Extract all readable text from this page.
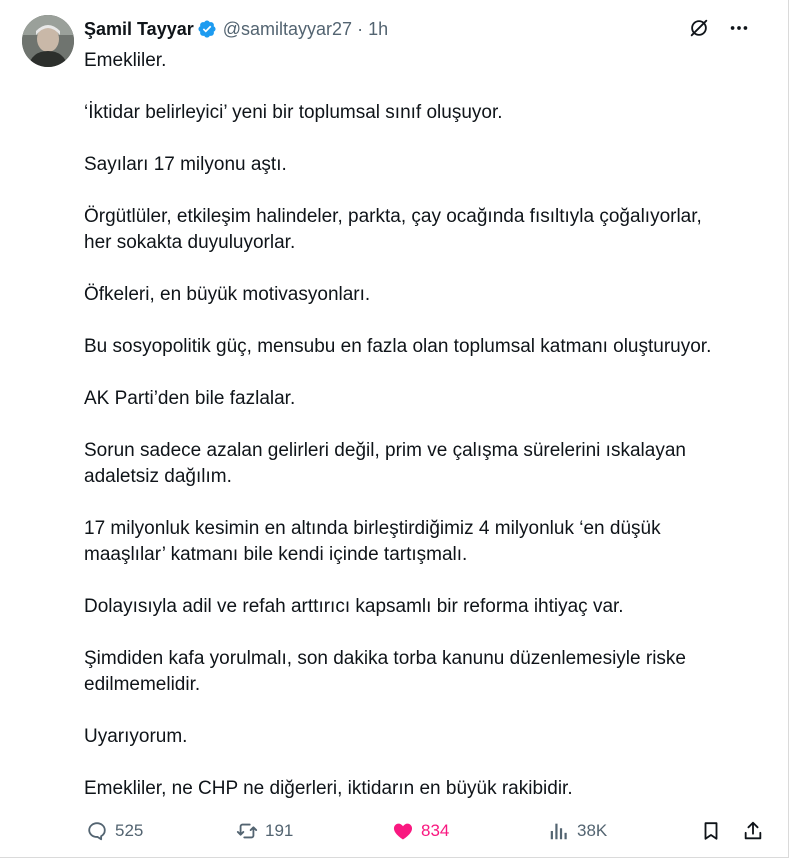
Şamil Tayyar @samiltayyar27 · 1h

Emekliler.

‘İktidar belirleyici’ yeni bir toplumsal sınıf oluşuyor.

Sayıları 17 milyonu aştı.

Örgütlüler, etkileşim halindeler, parkta, çay ocağında fısıltıyla çoğalıyorlar,
her sokakta duyuluyorlar.

Öfkeleri, en büyük motivasyonları.

Bu sosyopolitik güç, mensubu en fazla olan toplumsal katmanı oluşturuyor.

AK Parti’den bile fazlalar.

Sorun sadece azalan gelirleri değil, prim ve çalışma sürelerini ıskalayan
adaletsiz dağılım.

17 milyonluk kesimin en altında birleştirdiğimiz 4 milyonluk ‘en düşük
maaşlılar’ katmanı bile kendi içinde tartışmalı.

Dolayısıyla adil ve refah arttırıcı kapsamlı bir reforma ihtiyaç var.

Şimdiden kafa yorulmalı, son dakika torba kanunu düzenlemesiyle riske
edilmemelidir.

Uyarıyorum.

Emekliler, ne CHP ne diğerleri, iktidarın en büyük rakibidir.

525	191	834	38K
